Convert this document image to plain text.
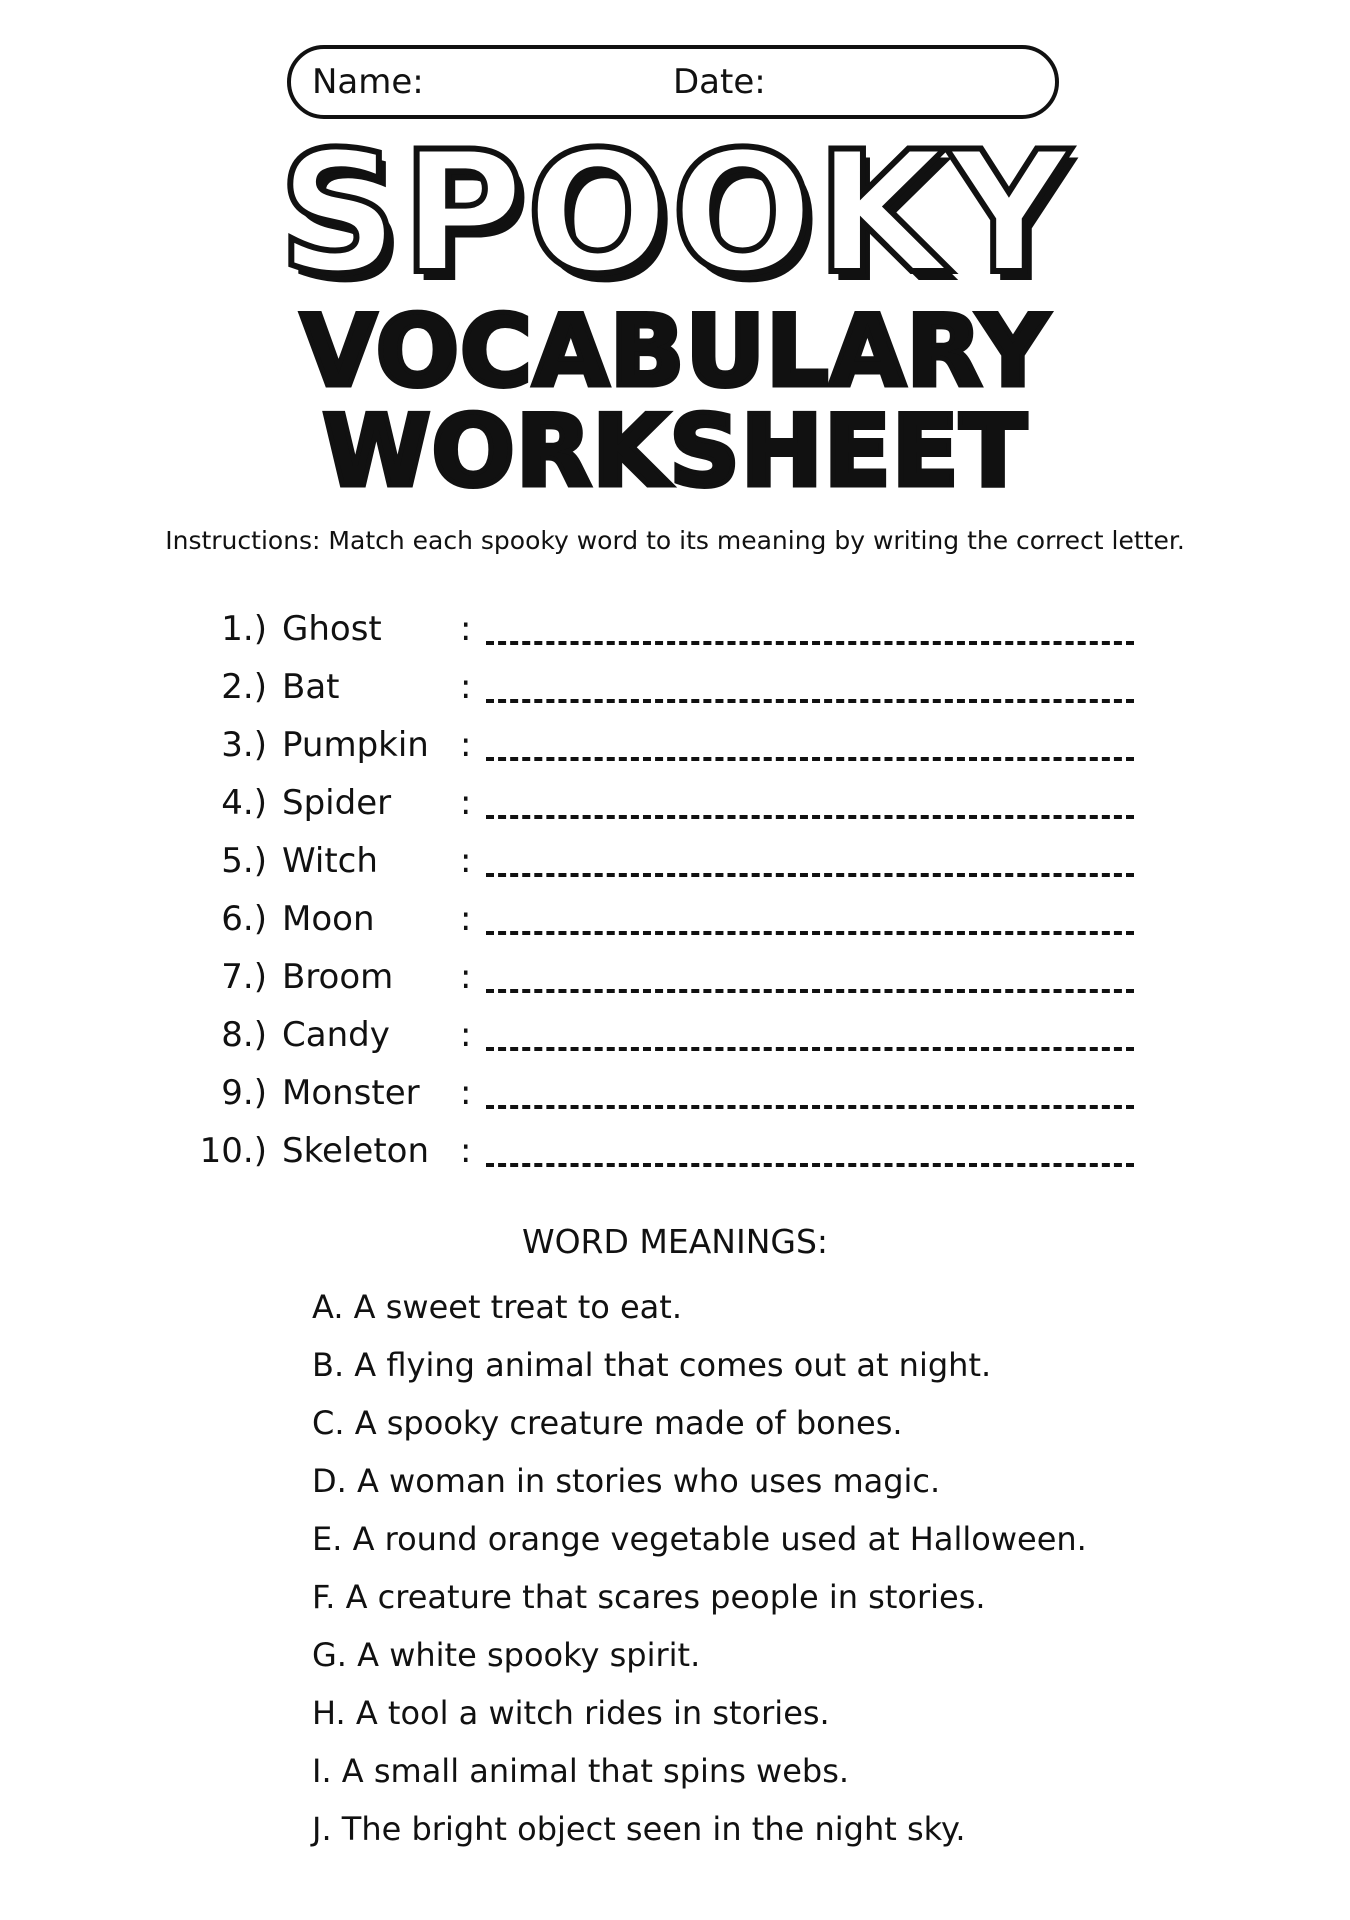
Name:	Date:
SPOOKY
VOCABULARY
WORKSHEET
Instructions: Match each spooky word to its meaning by writing the correct letter.
1.) Ghost :
2.) Bat	:
3.) Pumpkin :
4.) Spider :
5.) Witch :
6.) Moon	:
7.) Broom :
8.) Candy :
9.) Monster :
10.) Skeleton :
WORD MEANINGS:
A. A sweet treat to eat.
B. A flying animal that comes out at night.
C. A spooky creature made of bones.
D. A woman in stories who uses magic.
E. A round orange vegetable used at Halloween.
F. A creature that scares people in stories.
G. A white spooky spirit.
H. A tool a witch rides in stories.
I. A small animal that spins webs.
J. The bright object seen in the night sky.
